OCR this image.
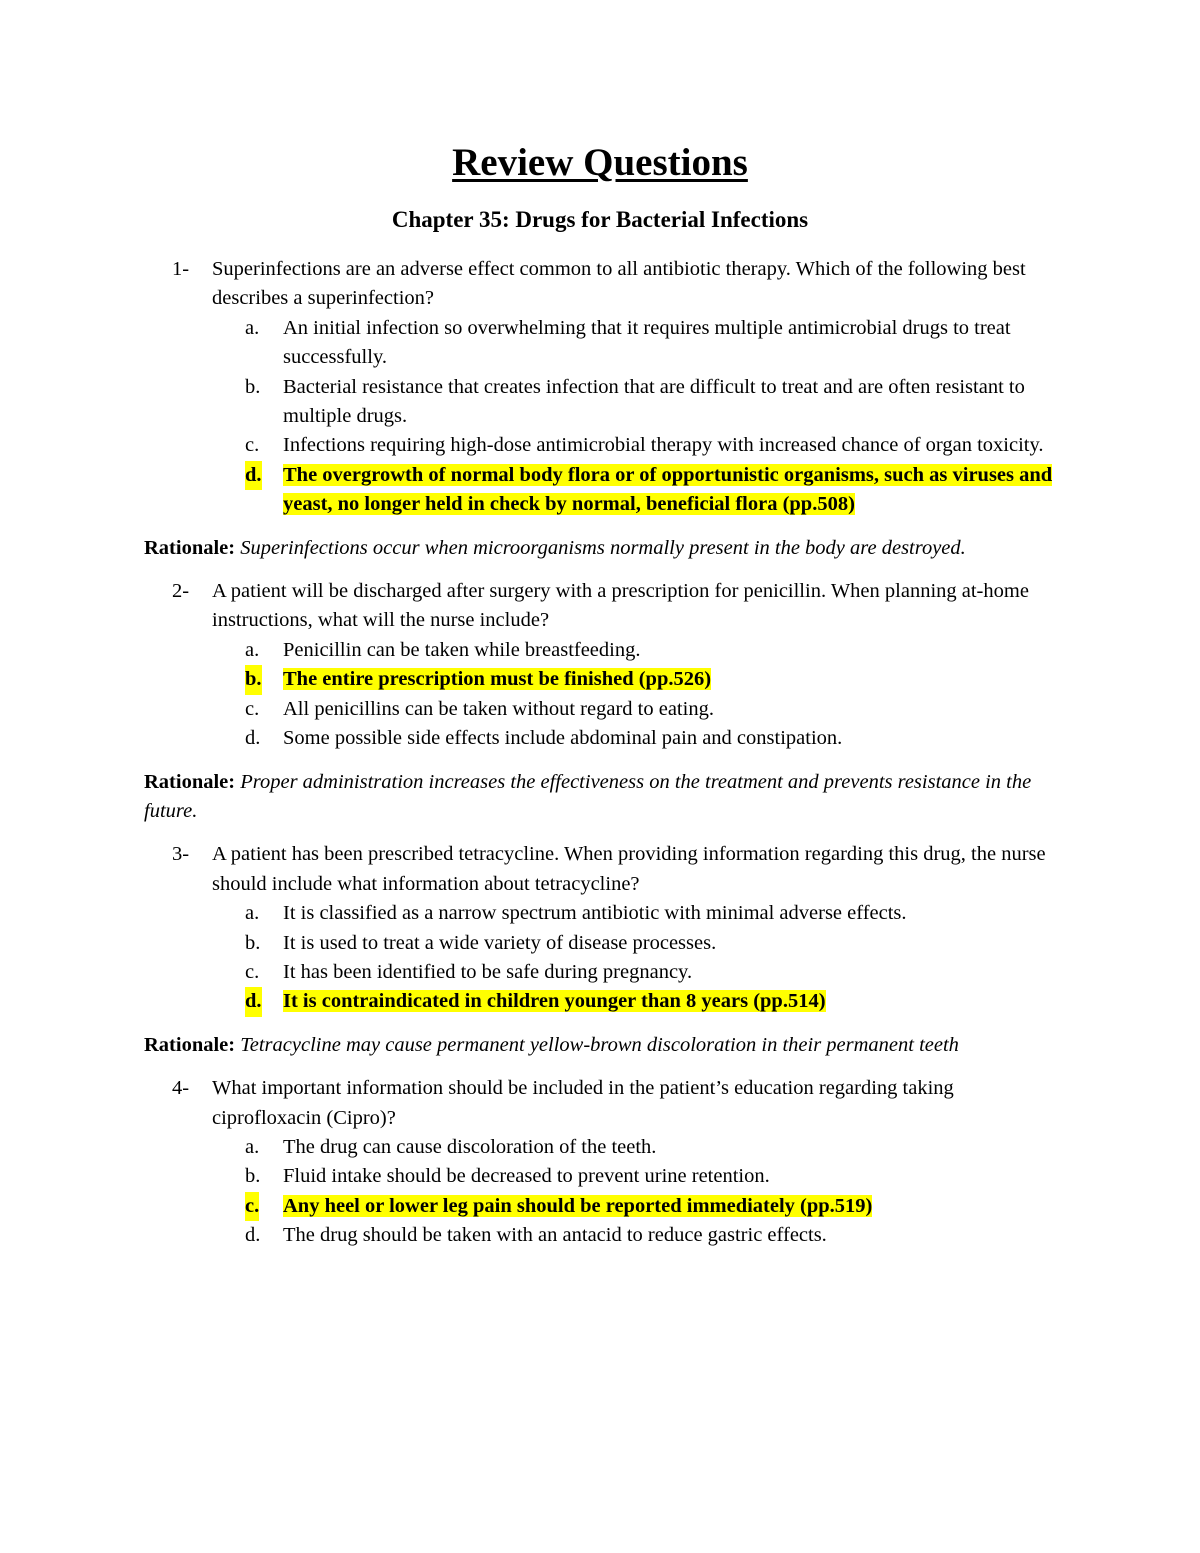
Review Questions
Chapter 35: Drugs for Bacterial Infections
1- Superinfections are an adverse effect common to all antibiotic therapy. Which of the following best describes a superinfection?
a. An initial infection so overwhelming that it requires multiple antimicrobial drugs to treat successfully.
b. Bacterial resistance that creates infection that are difficult to treat and are often resistant to multiple drugs.
c. Infections requiring high-dose antimicrobial therapy with increased chance of organ toxicity.
d. The overgrowth of normal body flora or of opportunistic organisms, such as viruses and yeast, no longer held in check by normal, beneficial flora (pp.508)
Rationale: Superinfections occur when microorganisms normally present in the body are destroyed.
2- A patient will be discharged after surgery with a prescription for penicillin. When planning at-home instructions, what will the nurse include?
a. Penicillin can be taken while breastfeeding.
b. The entire prescription must be finished (pp.526)
c. All penicillins can be taken without regard to eating.
d. Some possible side effects include abdominal pain and constipation.
Rationale: Proper administration increases the effectiveness on the treatment and prevents resistance in the future.
3- A patient has been prescribed tetracycline. When providing information regarding this drug, the nurse should include what information about tetracycline?
a. It is classified as a narrow spectrum antibiotic with minimal adverse effects.
b. It is used to treat a wide variety of disease processes.
c. It has been identified to be safe during pregnancy.
d. It is contraindicated in children younger than 8 years (pp.514)
Rationale: Tetracycline may cause permanent yellow-brown discoloration in their permanent teeth
4- What important information should be included in the patient’s education regarding taking ciprofloxacin (Cipro)?
a. The drug can cause discoloration of the teeth.
b. Fluid intake should be decreased to prevent urine retention.
c. Any heel or lower leg pain should be reported immediately (pp.519)
d. The drug should be taken with an antacid to reduce gastric effects.
